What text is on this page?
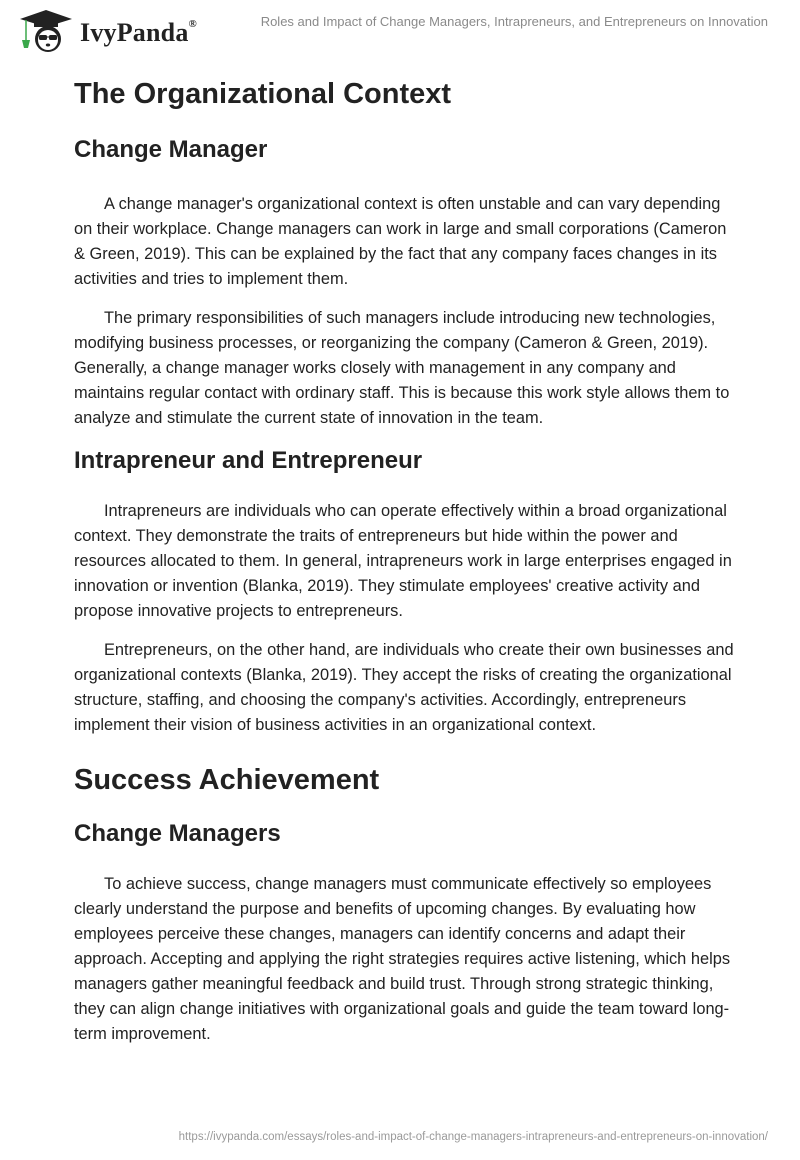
IvyPanda®	Roles and Impact of Change Managers, Intrapreneurs, and Entrepreneurs on Innovation
The Organizational Context
Change Manager

A change manager's organizational context is often unstable and can vary depending on their workplace. Change managers can work in large and small corporations (Cameron & Green, 2019). This can be explained by the fact that any company faces changes in its activities and tries to implement them.

The primary responsibilities of such managers include introducing new technologies, modifying business processes, or reorganizing the company (Cameron & Green, 2019). Generally, a change manager works closely with management in any company and maintains regular contact with ordinary staff. This is because this work style allows them to analyze and stimulate the current state of innovation in the team.

Intrapreneur and Entrepreneur

Intrapreneurs are individuals who can operate effectively within a broad organizational context. They demonstrate the traits of entrepreneurs but hide within the power and resources allocated to them. In general, intrapreneurs work in large enterprises engaged in innovation or invention (Blanka, 2019). They stimulate employees' creative activity and propose innovative projects to entrepreneurs.

Entrepreneurs, on the other hand, are individuals who create their own businesses and organizational contexts (Blanka, 2019). They accept the risks of creating the organizational structure, staffing, and choosing the company's activities. Accordingly, entrepreneurs implement their vision of business activities in an organizational context.

Success Achievement
Change Managers

To achieve success, change managers must communicate effectively so employees clearly understand the purpose and benefits of upcoming changes. By evaluating how employees perceive these changes, managers can identify concerns and adapt their approach. Accepting and applying the right strategies requires active listening, which helps managers gather meaningful feedback and build trust. Through strong strategic thinking, they can align change initiatives with organizational goals and guide the team toward long-term improvement.

https://ivypanda.com/essays/roles-and-impact-of-change-managers-intrapreneurs-and-entrepreneurs-on-innovation/
